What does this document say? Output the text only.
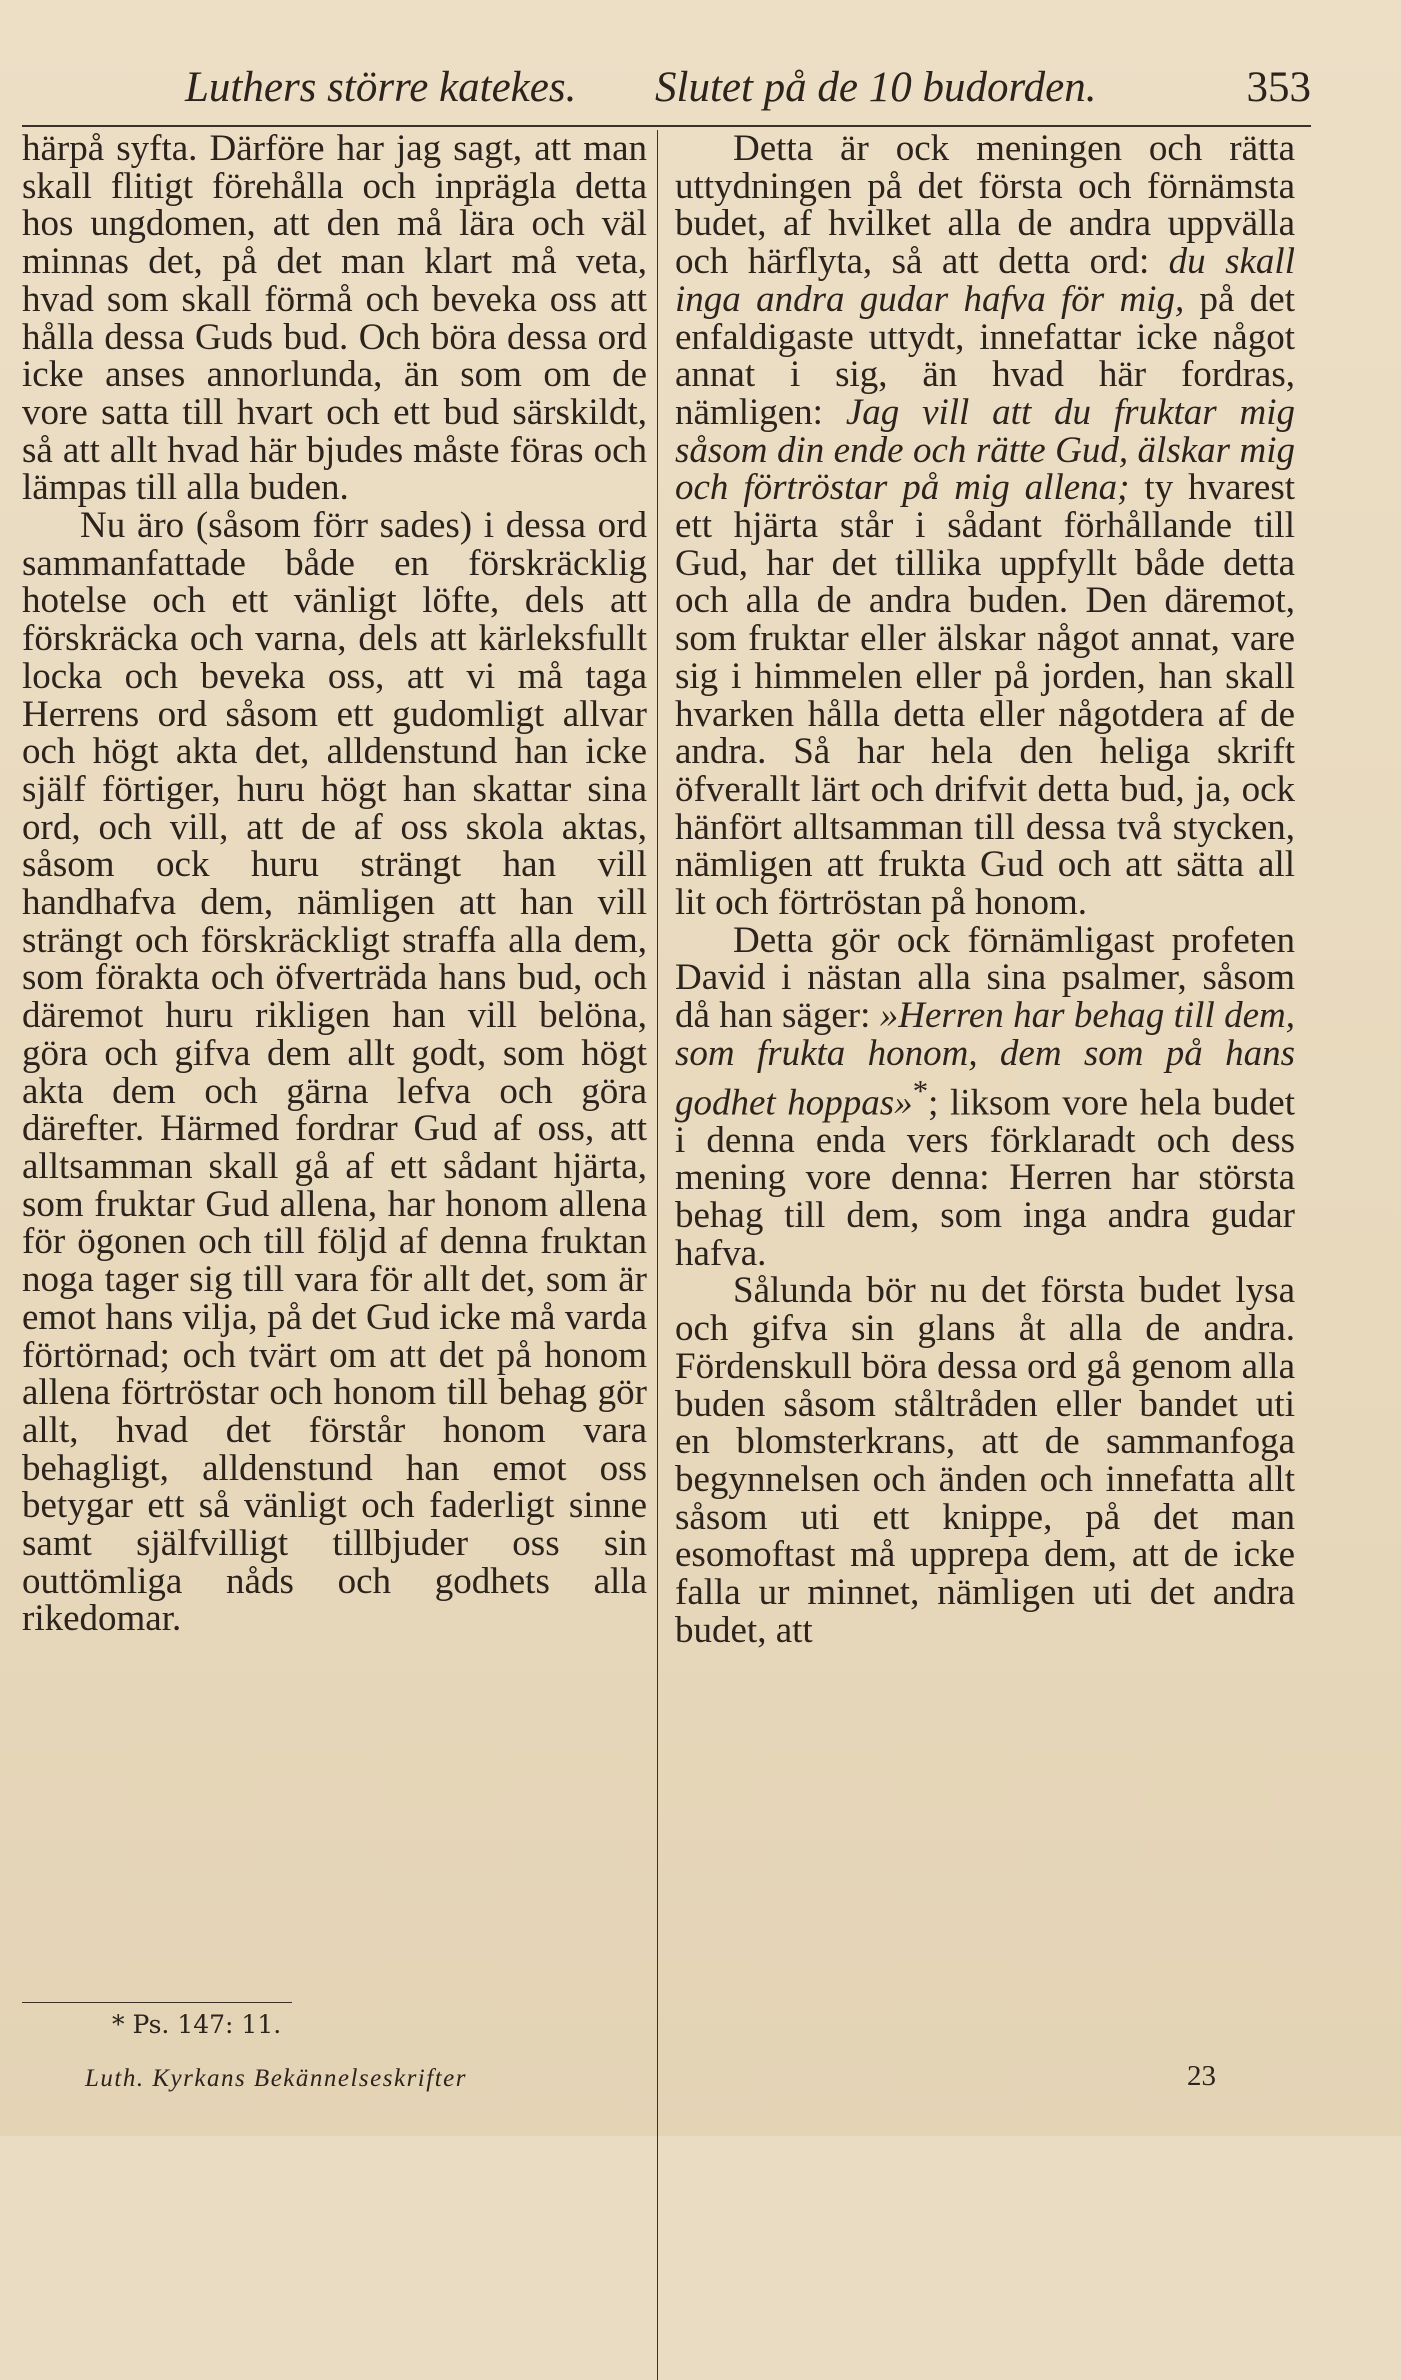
Luthers större katekes. Slutet på de 10 budorden.	353

härpå syfta. Därföre har jag sagt, att man skall flitigt förehålla och inprägla detta hos ungdomen, att den må lära och väl minnas det, på det man klart må veta, hvad som skall förmå och beveka oss att hålla dessa Guds bud. Och böra dessa ord icke anses annorlunda, än som om de vore satta till hvart och ett bud särskildt, så att allt hvad här bjudes måste föras och lämpas till alla buden.

Nu äro (såsom förr sades) i dessa ord sammanfattade både en förskräcklig hotelse och ett vänligt löfte, dels att förskräcka och varna, dels att kärleksfullt locka och beveka oss, att vi må taga Herrens ord såsom ett gudomligt allvar och högt akta det, alldenstund han icke själf förtiger, huru högt han skattar sina ord, och vill, att de af oss skola aktas, såsom ock huru strängt han vill handhafva dem, nämligen att han vill strängt och förskräckligt straffa alla dem, som förakta och öfverträda hans bud, och däremot huru rikligen han vill belöna, göra och gifva dem allt godt, som högt akta dem och gärna lefva och göra därefter. Härmed fordrar Gud af oss, att alltsamman skall gå af ett sådant hjärta, som fruktar Gud allena, har honom allena för ögonen och till följd af denna fruktan noga tager sig till vara för allt det, som är emot hans vilja, på det Gud icke må varda förtörnad; och tvärt om att det på honom allena förtröstar och honom till behag gör allt, hvad det förstår honom vara behagligt, alldenstund han emot oss betygar ett så vänligt och faderligt sinne samt själfvilligt tillbjuder oss sin outtömliga nåds och godhets alla rikedomar.

Detta är ock meningen och rätta uttydningen på det första och förnämsta budet, af hvilket alla de andra uppvälla och härflyta, så att detta ord: du skall inga andra gudar hafva för mig, på det enfaldigaste uttydt, innefattar icke något annat i sig, än hvad här fordras, nämligen: Jag vill att du fruktar mig såsom din ende och rätte Gud, älskar mig och förtröstar på mig allena; ty hvarest ett hjärta står i sådant förhållande till Gud, har det tillika uppfyllt både detta och alla de andra buden. Den däremot, som fruktar eller älskar något annat, vare sig i himmelen eller på jorden, han skall hvarken hålla detta eller någotdera af de andra. Så har hela den heliga skrift öfverallt lärt och drifvit detta bud, ja, ock hänfört alltsamman till dessa två stycken, nämligen att frukta Gud och att sätta all lit och förtröstan på honom.

Detta gör ock förnämligast profeten David i nästan alla sina psalmer, såsom då han säger: »Herren har behag till dem, som frukta honom, dem som på hans godhet hoppas»*; liksom vore hela budet i denna enda vers förklaradt och dess mening vore denna: Herren har största behag till dem, som inga andra gudar hafva.

Sålunda bör nu det första budet lysa och gifva sin glans åt alla de andra. Fördenskull böra dessa ord gå genom alla buden såsom ståltråden eller bandet uti en blomsterkrans, att de sammanfoga begynnelsen och änden och innefatta allt såsom uti ett knippe, på det man esomoftast må upprepa dem, att de icke falla ur minnet, nämligen uti det andra budet, att

* Ps. 147: 11.
Luth. Kyrkans Bekännelseskrifter	23
